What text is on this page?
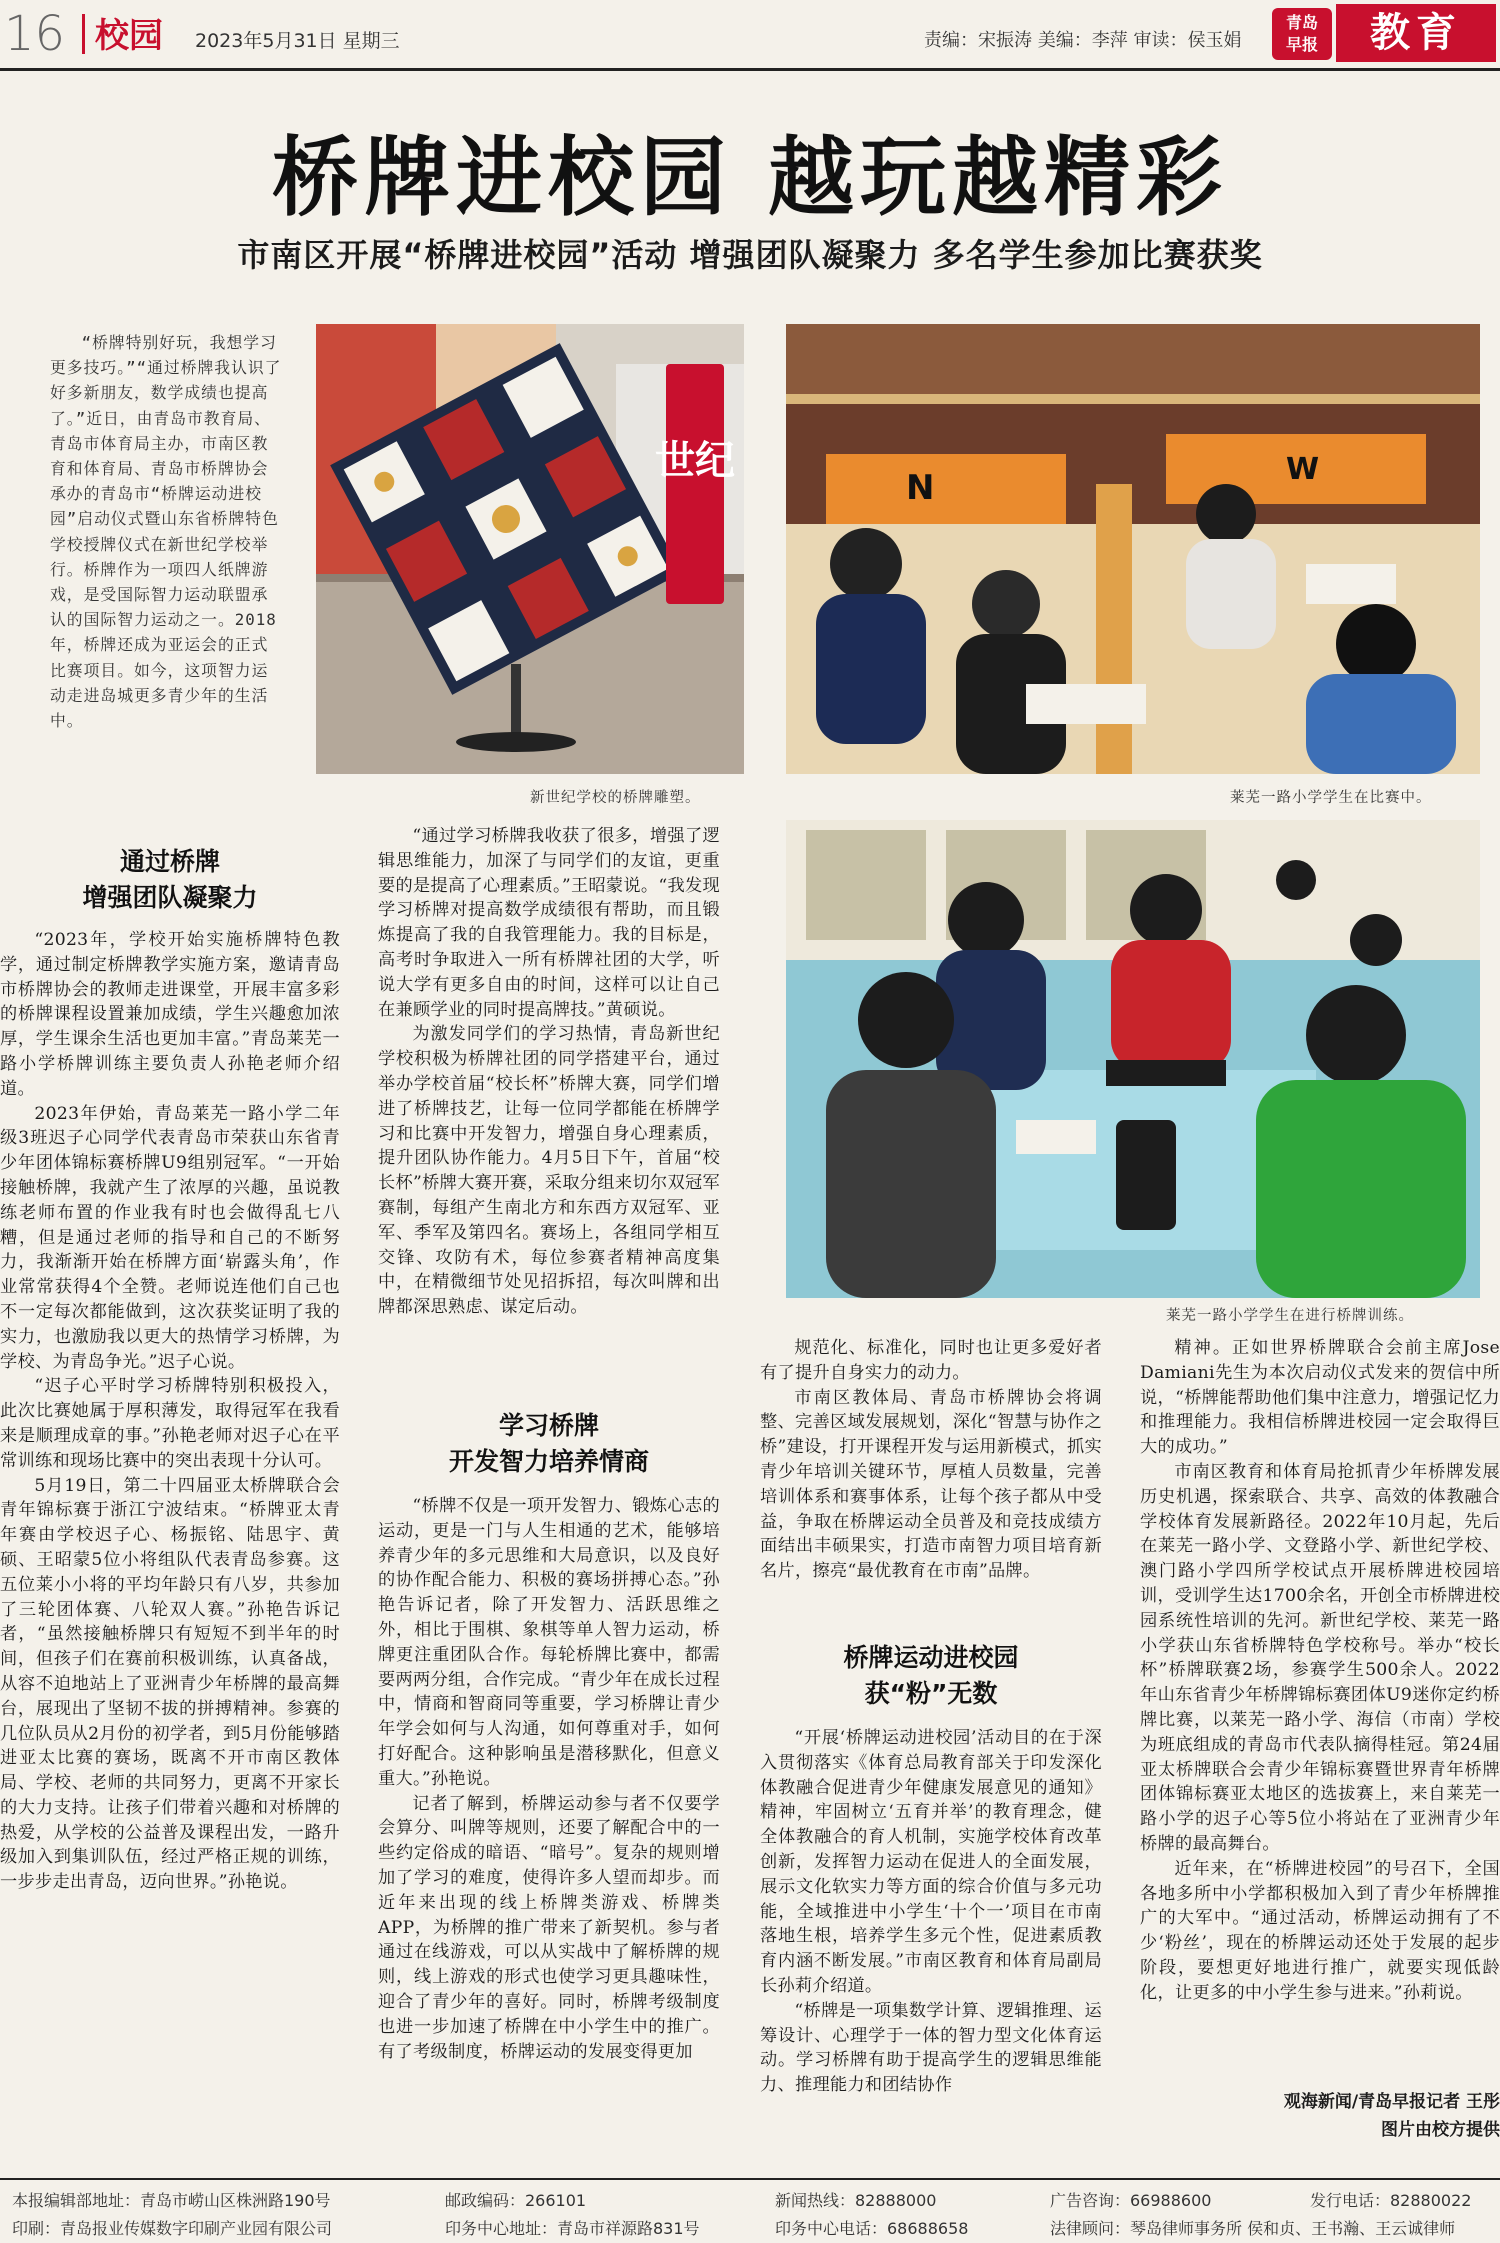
16 校园 2023年5月31日 星期三	责编：宋振涛 美编：李萍 审读：侯玉娟
青岛
早报	教育
桥牌进校园 越玩越精彩
市南区开展“桥牌进校园”活动 增强团队凝聚力 多名学生参加比赛获奖
“桥牌特别好玩，我想学习更多技巧。”“通过桥牌我认识了好多新朋友，数学成绩也提高了。”近日，由青岛市教育局、青岛市体育局主办，市南区教育和体育局、青岛市桥牌协会承办的青岛市“桥牌运动进校园”启动仪式暨山东省桥牌特色学校授牌仪式在新世纪学校举行。桥牌作为一项四人纸牌游戏，是受国际智力运动联盟承认的国际智力运动之一。2018年，桥牌还成为亚运会的正式比赛项目。如今，这项智力运动走进岛城更多青少年的生活中。
世纪
新世纪学校的桥牌雕塑。
N	W
莱芜一路小学学生在比赛中。
莱芜一路小学学生在进行桥牌训练。
通过桥牌
增强团队凝聚力

“2023年，学校开始实施桥牌特色教学，通过制定桥牌教学实施方案，邀请青岛市桥牌协会的教师走进课堂，开展丰富多彩的桥牌课程设置兼加成绩，学生兴趣愈加浓厚，学生课余生活也更加丰富。”青岛莱芜一路小学桥牌训练主要负责人孙艳老师介绍道。

2023年伊始，青岛莱芜一路小学二年级3班迟子心同学代表青岛市荣获山东省青少年团体锦标赛桥牌U9组别冠军。“一开始接触桥牌，我就产生了浓厚的兴趣，虽说教练老师布置的作业我有时也会做得乱七八糟，但是通过老师的指导和自己的不断努力，我渐渐开始在桥牌方面‘崭露头角’，作业常常获得4个全赞。老师说连他们自己也不一定每次都能做到，这次获奖证明了我的实力，也激励我以更大的热情学习桥牌，为学校、为青岛争光。”迟子心说。

“迟子心平时学习桥牌特别积极投入，此次比赛她属于厚积薄发，取得冠军在我看来是顺理成章的事。”孙艳老师对迟子心在平常训练和现场比赛中的突出表现十分认可。

5月19日，第二十四届亚太桥牌联合会青年锦标赛于浙江宁波结束。“桥牌亚太青年赛由学校迟子心、杨振铭、陆思宇、黄硕、王昭蒙5位小将组队代表青岛参赛。这五位莱小小将的平均年龄只有八岁，共参加了三轮团体赛、八轮双人赛。”孙艳告诉记者，“虽然接触桥牌只有短短不到半年的时间，但孩子们在赛前积极训练，认真备战，从容不迫地站上了亚洲青少年桥牌的最高舞台，展现出了坚韧不拔的拼搏精神。参赛的几位队员从2月份的初学者，到5月份能够踏进亚太比赛的赛场，既离不开市南区教体局、学校、老师的共同努力，更离不开家长的大力支持。让孩子们带着兴趣和对桥牌的热爱，从学校的公益普及课程出发，一路升级加入到集训队伍，经过严格正规的训练，一步步走出青岛，迈向世界。”孙艳说。

“通过学习桥牌我收获了很多，增强了逻辑思维能力，加深了与同学们的友谊，更重要的是提高了心理素质。”王昭蒙说。“我发现学习桥牌对提高数学成绩很有帮助，而且锻炼提高了我的自我管理能力。我的目标是，高考时争取进入一所有桥牌社团的大学，听说大学有更多自由的时间，这样可以让自己在兼顾学业的同时提高牌技。”黄硕说。

为激发同学们的学习热情，青岛新世纪学校积极为桥牌社团的同学搭建平台，通过举办学校首届“校长杯”桥牌大赛，同学们增进了桥牌技艺，让每一位同学都能在桥牌学习和比赛中开发智力，增强自身心理素质，提升团队协作能力。4月5日下午，首届“校长杯”桥牌大赛开赛，采取分组来切尔双冠军赛制，每组产生南北方和东西方双冠军、亚军、季军及第四名。赛场上，各组同学相互交锋、攻防有术，每位参赛者精神高度集中，在精微细节处见招拆招，每次叫牌和出牌都深思熟虑、谋定后动。

学习桥牌
开发智力培养情商

“桥牌不仅是一项开发智力、锻炼心志的运动，更是一门与人生相通的艺术，能够培养青少年的多元思维和大局意识，以及良好的协作配合能力、积极的赛场拼搏心态。”孙艳告诉记者，除了开发智力、活跃思维之外，相比于围棋、象棋等单人智力运动，桥牌更注重团队合作。每轮桥牌比赛中，都需要两两分组，合作完成。“青少年在成长过程中，情商和智商同等重要，学习桥牌让青少年学会如何与人沟通，如何尊重对手，如何打好配合。这种影响虽是潜移默化，但意义重大。”孙艳说。

记者了解到，桥牌运动参与者不仅要学会算分、叫牌等规则，还要了解配合中的一些约定俗成的暗语、“暗号”。复杂的规则增加了学习的难度，使得许多人望而却步。而近年来出现的线上桥牌类游戏、桥牌类APP，为桥牌的推广带来了新契机。参与者通过在线游戏，可以从实战中了解桥牌的规则，线上游戏的形式也使学习更具趣味性，迎合了青少年的喜好。同时，桥牌考级制度也进一步加速了桥牌在中小学生中的推广。有了考级制度，桥牌运动的发展变得更加

规范化、标准化，同时也让更多爱好者有了提升自身实力的动力。

市南区教体局、青岛市桥牌协会将调整、完善区域发展规划，深化“智慧与协作之桥”建设，打开课程开发与运用新模式，抓实青少年培训关键环节，厚植人员数量，完善培训体系和赛事体系，让每个孩子都从中受益，争取在桥牌运动全员普及和竞技成绩方面结出丰硕果实，打造市南智力项目培育新名片，擦亮“最优教育在市南”品牌。

桥牌运动进校园
获“粉”无数

“开展‘桥牌运动进校园’活动目的在于深入贯彻落实《体育总局教育部关于印发深化体教融合促进青少年健康发展意见的通知》精神，牢固树立‘五育并举’的教育理念，健全体教融合的育人机制，实施学校体育改革创新，发挥智力运动在促进人的全面发展，展示文化软实力等方面的综合价值与多元功能，全域推进中小学生‘十个一’项目在市南落地生根，培养学生多元个性，促进素质教育内涵不断发展。”市南区教育和体育局副局长孙莉介绍道。

“桥牌是一项集数学计算、逻辑推理、运筹设计、心理学于一体的智力型文化体育运动。学习桥牌有助于提高学生的逻辑思维能力、推理能力和团结协作

精神。正如世界桥牌联合会前主席Jose Damiani先生为本次启动仪式发来的贺信中所说，“桥牌能帮助他们集中注意力，增强记忆力和推理能力。我相信桥牌进校园一定会取得巨大的成功。”

市南区教育和体育局抢抓青少年桥牌发展历史机遇，探索联合、共享、高效的体教融合学校体育发展新路径。2022年10月起，先后在莱芜一路小学、文登路小学、新世纪学校、澳门路小学四所学校试点开展桥牌进校园培训，受训学生达1700余名，开创全市桥牌进校园系统性培训的先河。新世纪学校、莱芜一路小学获山东省桥牌特色学校称号。举办“校长杯”桥牌联赛2场，参赛学生500余人。2022年山东省青少年桥牌锦标赛团体U9迷你定约桥牌比赛，以莱芜一路小学、海信（市南）学校为班底组成的青岛市代表队摘得桂冠。第24届亚太桥牌联合会青少年锦标赛暨世界青年桥牌团体锦标赛亚太地区的选拔赛上，来自莱芜一路小学的迟子心等5位小将站在了亚洲青少年桥牌的最高舞台。

近年来，在“桥牌进校园”的号召下，全国各地多所中小学都积极加入到了青少年桥牌推广的大军中。“通过活动，桥牌运动拥有了不少‘粉丝’，现在的桥牌运动还处于发展的起步阶段，要想更好地进行推广，就要实现低龄化，让更多的中小学生参与进来。”孙莉说。

观海新闻/青岛早报记者 王彤
图片由校方提供
本报编辑部地址：青岛市崂山区株洲路190号	邮政编码：266101	新闻热线：82888000	广告咨询：66988600	发行电话：82880022
印刷：青岛报业传媒数字印刷产业园有限公司	印务中心地址：青岛市祥源路831号	印务中心电话：68688658	法律顾问：琴岛律师事务所 侯和贞、王书瀚、王云诚律师
